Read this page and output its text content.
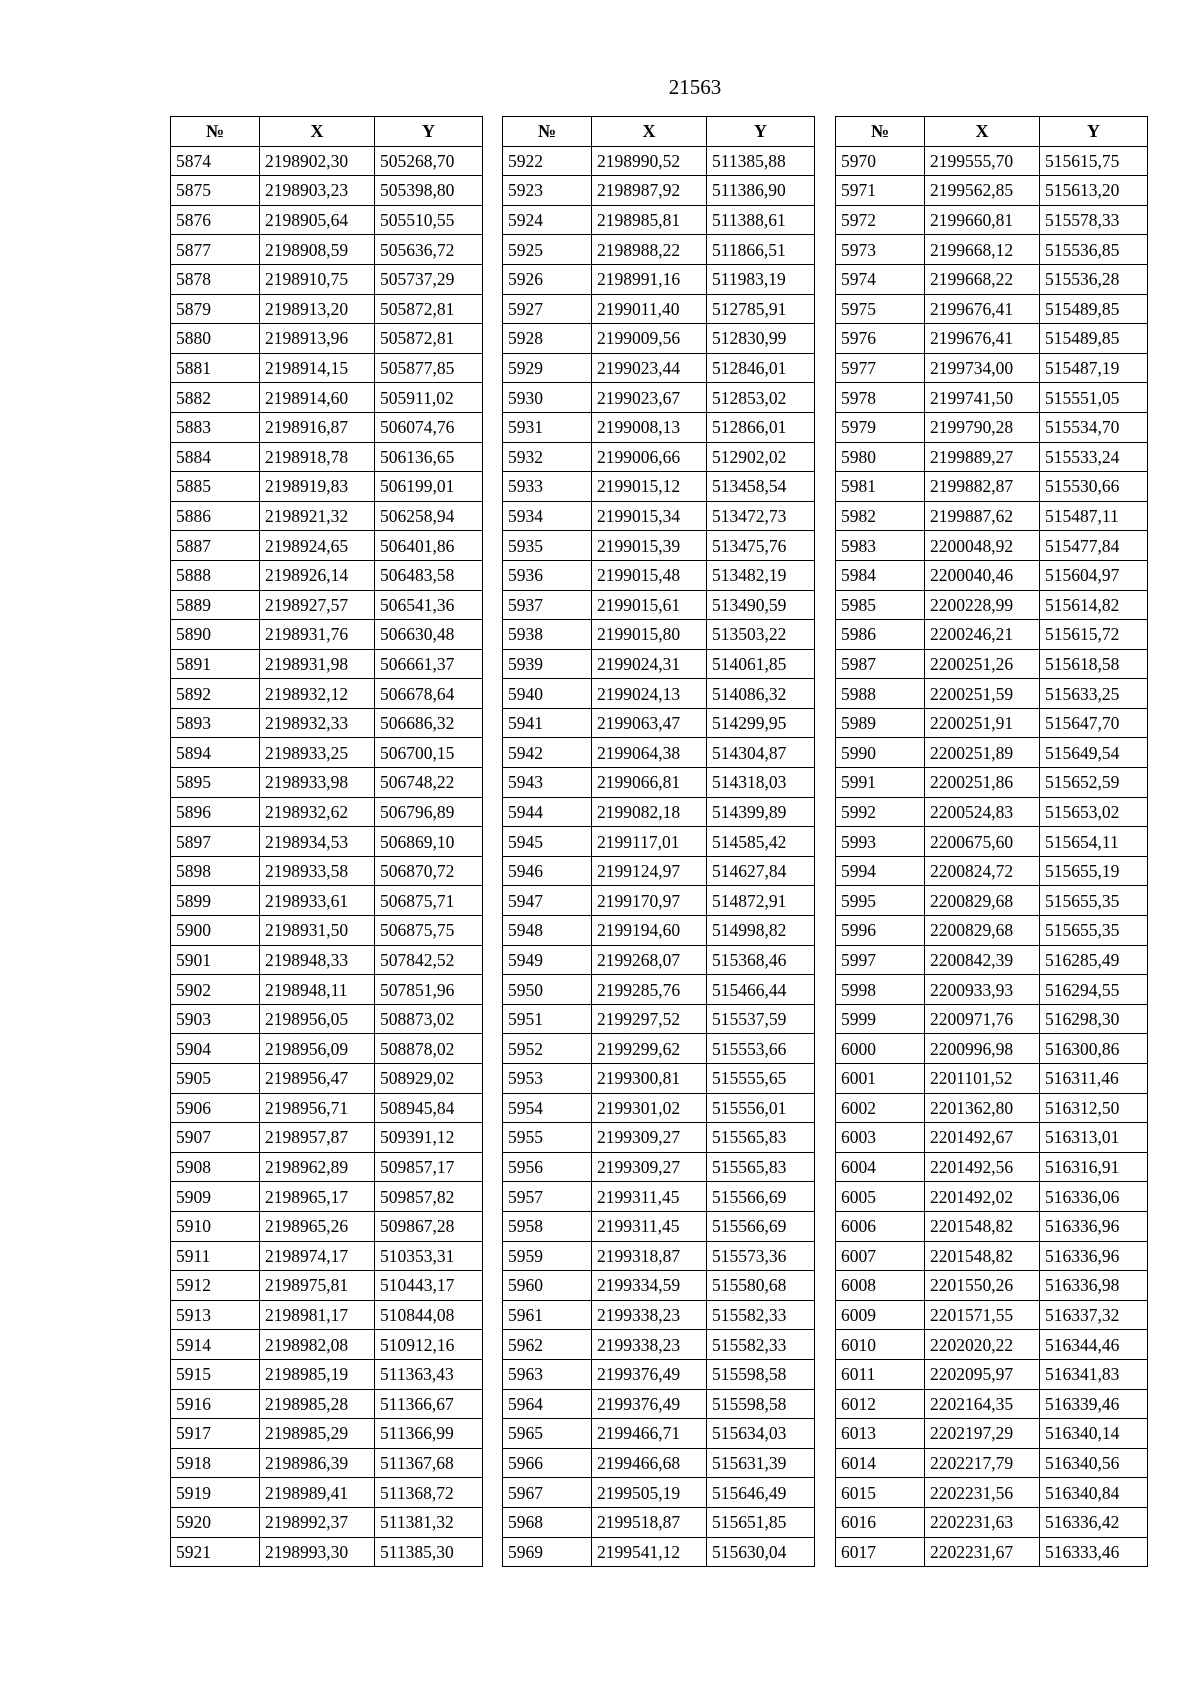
21563
№	X	Y
5874	2198902,30	505268,70
5875	2198903,23	505398,80
5876	2198905,64	505510,55
5877	2198908,59	505636,72
5878	2198910,75	505737,29
5879	2198913,20	505872,81
5880	2198913,96	505872,81
5881	2198914,15	505877,85
5882	2198914,60	505911,02
5883	2198916,87	506074,76
5884	2198918,78	506136,65
5885	2198919,83	506199,01
5886	2198921,32	506258,94
5887	2198924,65	506401,86
5888	2198926,14	506483,58
5889	2198927,57	506541,36
5890	2198931,76	506630,48
5891	2198931,98	506661,37
5892	2198932,12	506678,64
5893	2198932,33	506686,32
5894	2198933,25	506700,15
5895	2198933,98	506748,22
5896	2198932,62	506796,89
5897	2198934,53	506869,10
5898	2198933,58	506870,72
5899	2198933,61	506875,71
5900	2198931,50	506875,75
5901	2198948,33	507842,52
5902	2198948,11	507851,96
5903	2198956,05	508873,02
5904	2198956,09	508878,02
5905	2198956,47	508929,02
5906	2198956,71	508945,84
5907	2198957,87	509391,12
5908	2198962,89	509857,17
5909	2198965,17	509857,82
5910	2198965,26	509867,28
5911	2198974,17	510353,31
5912	2198975,81	510443,17
5913	2198981,17	510844,08
5914	2198982,08	510912,16
5915	2198985,19	511363,43
5916	2198985,28	511366,67
5917	2198985,29	511366,99
5918	2198986,39	511367,68
5919	2198989,41	511368,72
5920	2198992,37	511381,32
5921	2198993,30	511385,30
№	X	Y
5922	2198990,52	511385,88
5923	2198987,92	511386,90
5924	2198985,81	511388,61
5925	2198988,22	511866,51
5926	2198991,16	511983,19
5927	2199011,40	512785,91
5928	2199009,56	512830,99
5929	2199023,44	512846,01
5930	2199023,67	512853,02
5931	2199008,13	512866,01
5932	2199006,66	512902,02
5933	2199015,12	513458,54
5934	2199015,34	513472,73
5935	2199015,39	513475,76
5936	2199015,48	513482,19
5937	2199015,61	513490,59
5938	2199015,80	513503,22
5939	2199024,31	514061,85
5940	2199024,13	514086,32
5941	2199063,47	514299,95
5942	2199064,38	514304,87
5943	2199066,81	514318,03
5944	2199082,18	514399,89
5945	2199117,01	514585,42
5946	2199124,97	514627,84
5947	2199170,97	514872,91
5948	2199194,60	514998,82
5949	2199268,07	515368,46
5950	2199285,76	515466,44
5951	2199297,52	515537,59
5952	2199299,62	515553,66
5953	2199300,81	515555,65
5954	2199301,02	515556,01
5955	2199309,27	515565,83
5956	2199309,27	515565,83
5957	2199311,45	515566,69
5958	2199311,45	515566,69
5959	2199318,87	515573,36
5960	2199334,59	515580,68
5961	2199338,23	515582,33
5962	2199338,23	515582,33
5963	2199376,49	515598,58
5964	2199376,49	515598,58
5965	2199466,71	515634,03
5966	2199466,68	515631,39
5967	2199505,19	515646,49
5968	2199518,87	515651,85
5969	2199541,12	515630,04
№	X	Y
5970	2199555,70	515615,75
5971	2199562,85	515613,20
5972	2199660,81	515578,33
5973	2199668,12	515536,85
5974	2199668,22	515536,28
5975	2199676,41	515489,85
5976	2199676,41	515489,85
5977	2199734,00	515487,19
5978	2199741,50	515551,05
5979	2199790,28	515534,70
5980	2199889,27	515533,24
5981	2199882,87	515530,66
5982	2199887,62	515487,11
5983	2200048,92	515477,84
5984	2200040,46	515604,97
5985	2200228,99	515614,82
5986	2200246,21	515615,72
5987	2200251,26	515618,58
5988	2200251,59	515633,25
5989	2200251,91	515647,70
5990	2200251,89	515649,54
5991	2200251,86	515652,59
5992	2200524,83	515653,02
5993	2200675,60	515654,11
5994	2200824,72	515655,19
5995	2200829,68	515655,35
5996	2200829,68	515655,35
5997	2200842,39	516285,49
5998	2200933,93	516294,55
5999	2200971,76	516298,30
6000	2200996,98	516300,86
6001	2201101,52	516311,46
6002	2201362,80	516312,50
6003	2201492,67	516313,01
6004	2201492,56	516316,91
6005	2201492,02	516336,06
6006	2201548,82	516336,96
6007	2201548,82	516336,96
6008	2201550,26	516336,98
6009	2201571,55	516337,32
6010	2202020,22	516344,46
6011	2202095,97	516341,83
6012	2202164,35	516339,46
6013	2202197,29	516340,14
6014	2202217,79	516340,56
6015	2202231,56	516340,84
6016	2202231,63	516336,42
6017	2202231,67	516333,46
